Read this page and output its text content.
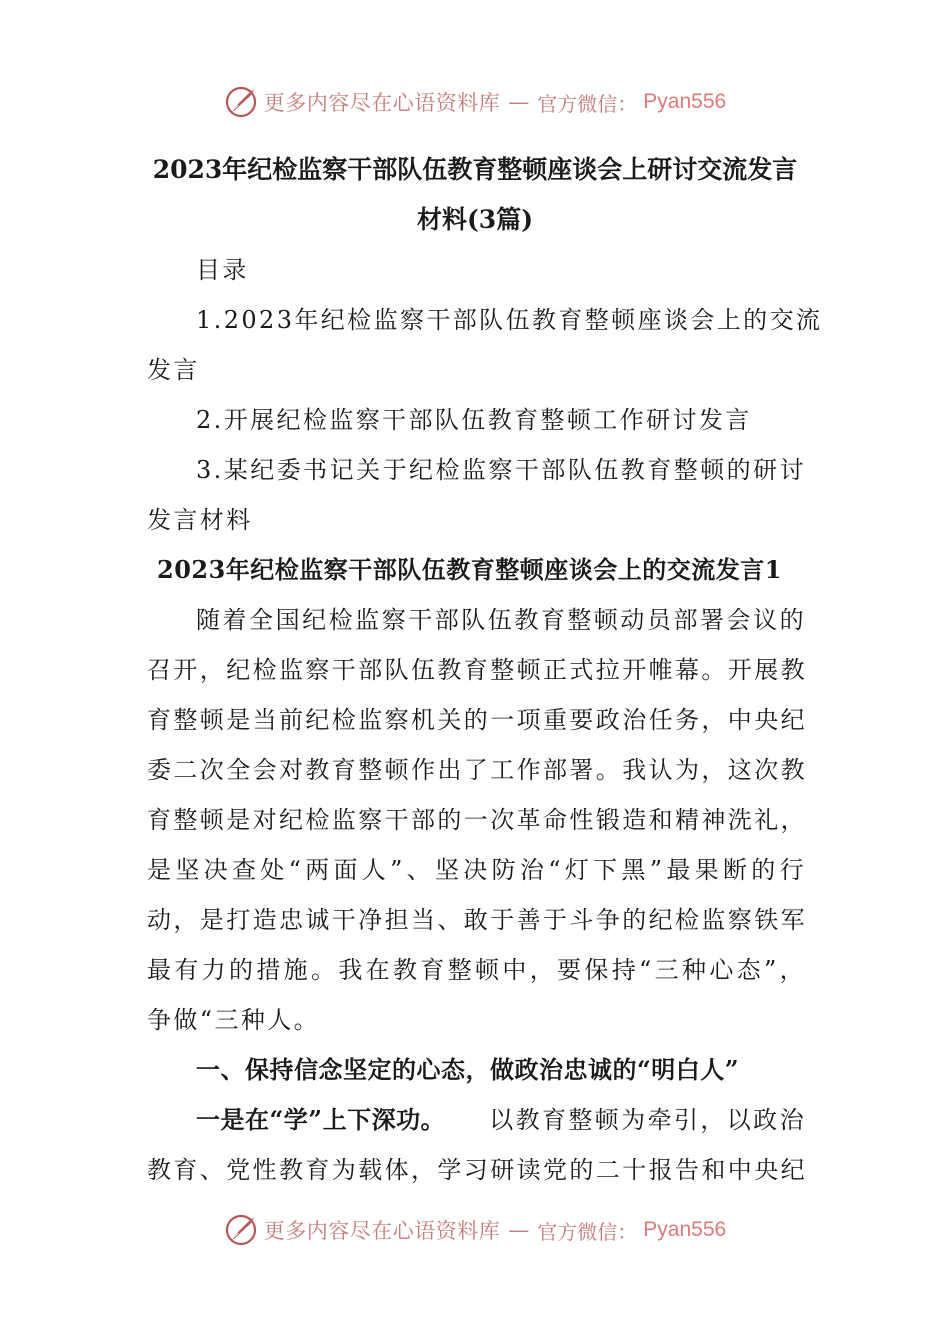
更多内容尽在心语资料库 — 官方微信： Pyan556
2023年纪检监察干部队伍教育整顿座谈会上研讨交流发言
材料(3篇)
目录
1.2023年纪检监察干部队伍教育整顿座谈会上的交流
发言
2.开展纪检监察干部队伍教育整顿工作研讨发言
3.某纪委书记关于纪检监察干部队伍教育整顿的研讨
发言材料
2023年纪检监察干部队伍教育整顿座谈会上的交流发言1
随着全国纪检监察干部队伍教育整顿动员部署会议的
召开，纪检监察干部队伍教育整顿正式拉开帷幕。开展教
育整顿是当前纪检监察机关的一项重要政治任务，中央纪
委二次全会对教育整顿作出了工作部署。我认为，这次教
育整顿是对纪检监察干部的一次革命性锻造和精神洗礼，
是坚决查处“两面人”、坚决防治“灯下黑”最果断的行
动，是打造忠诚干净担当、敢于善于斗争的纪检监察铁军
最有力的措施。我在教育整顿中，要保持“三种心态”，
争做“三种人。
一、保持信念坚定的心态，做政治忠诚的“明白人”
一是在“学”上下深功。 以教育整顿为牵引，以政治
教育、党性教育为载体，学习研读党的二十报告和中央纪
更多内容尽在心语资料库 — 官方微信： Pyan556
